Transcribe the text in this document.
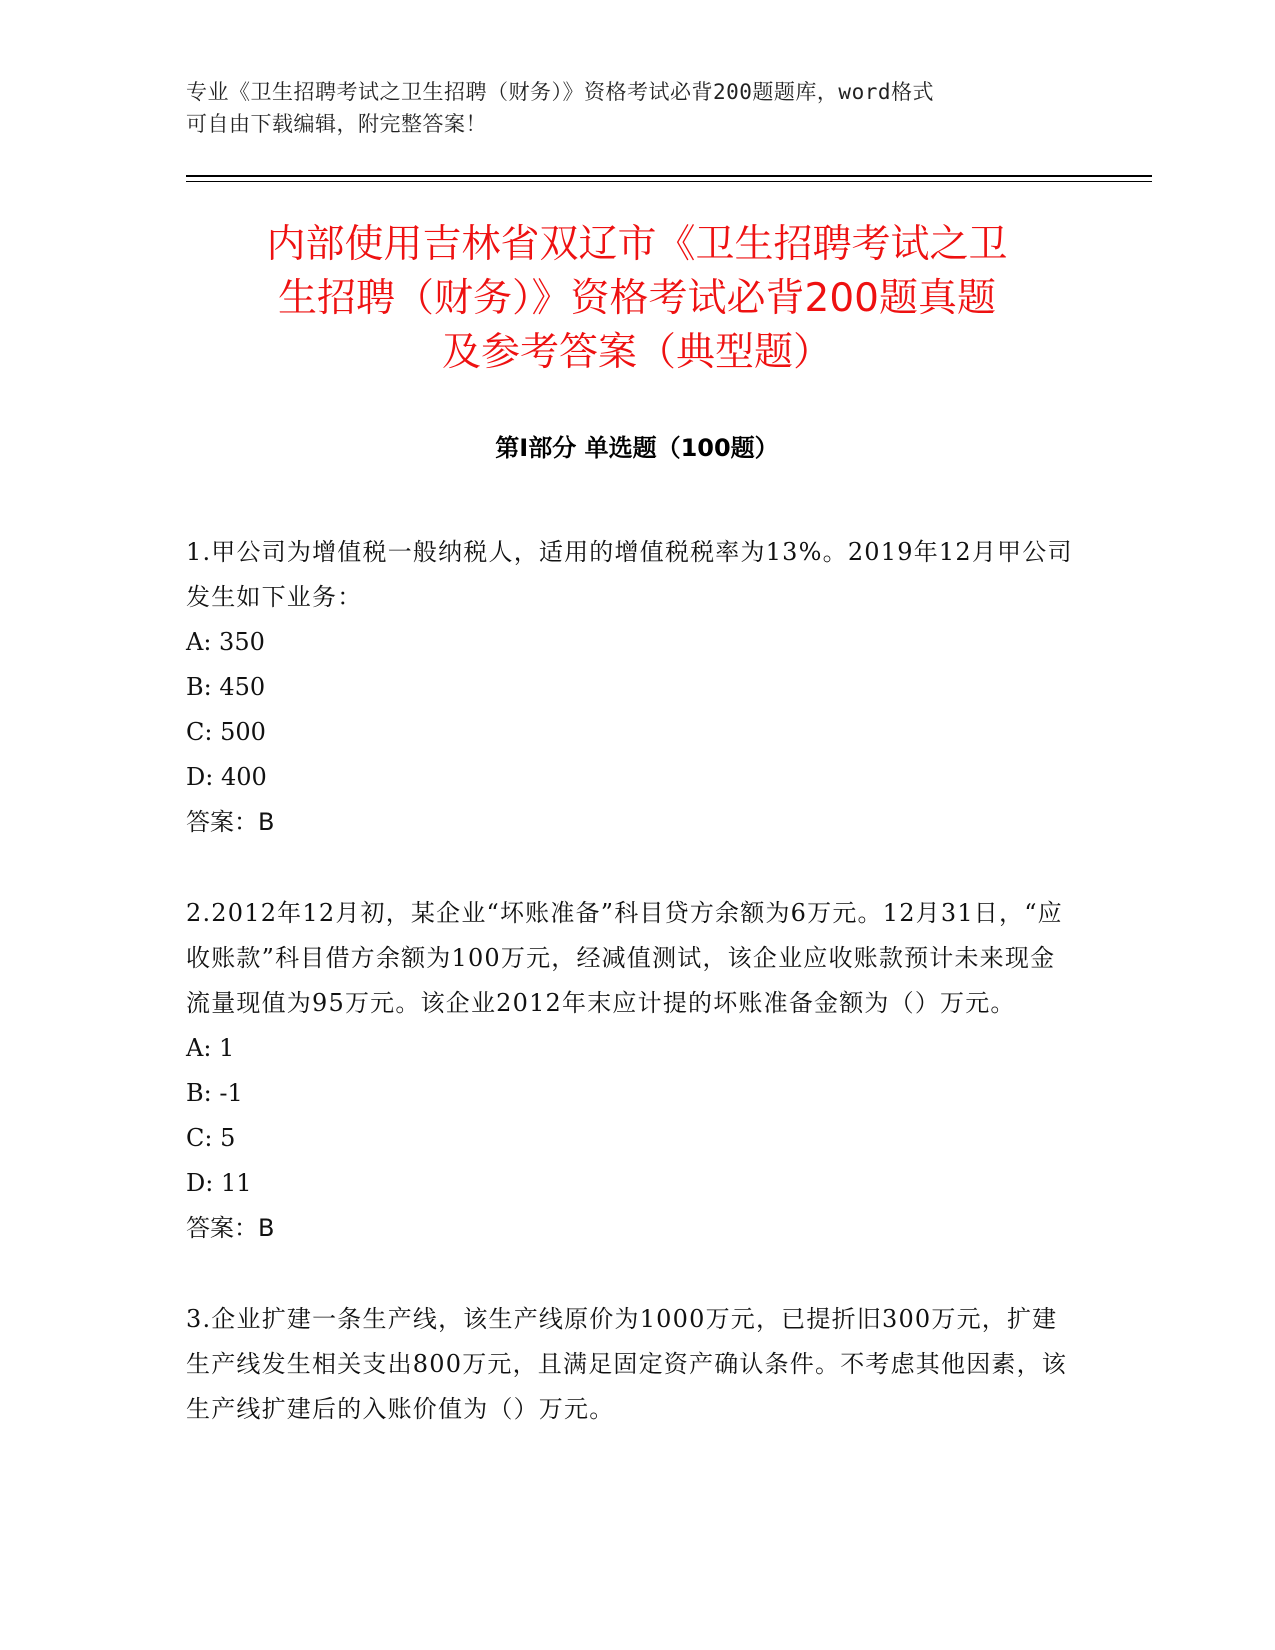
专业《卫生招聘考试之卫生招聘（财务）》资格考试必背200题题库，word格式
可自由下载编辑，附完整答案！
内部使用吉林省双辽市《卫生招聘考试之卫
生招聘（财务）》资格考试必背200题真题
及参考答案（典型题）
第Ⅰ部分 单选题（100题）

1.甲公司为增值税一般纳税人，适用的增值税税率为13%。2019年12月甲公司发生如下业务：

A: 350

B: 450

C: 500

D: 400

答案：B

2.2012年12月初，某企业“坏账准备”科目贷方余额为6万元。12月31日，“应收账款”科目借方余额为100万元，经减值测试，该企业应收账款预计未来现金流量现值为95万元。该企业2012年末应计提的坏账准备金额为（）万元。

A: 1

B: -1

C: 5

D: 11

答案：B

3.企业扩建一条生产线，该生产线原价为1000万元，已提折旧300万元，扩建生产线发生相关支出800万元，且满足固定资产确认条件。不考虑其他因素，该生产线扩建后的入账价值为（）万元。
